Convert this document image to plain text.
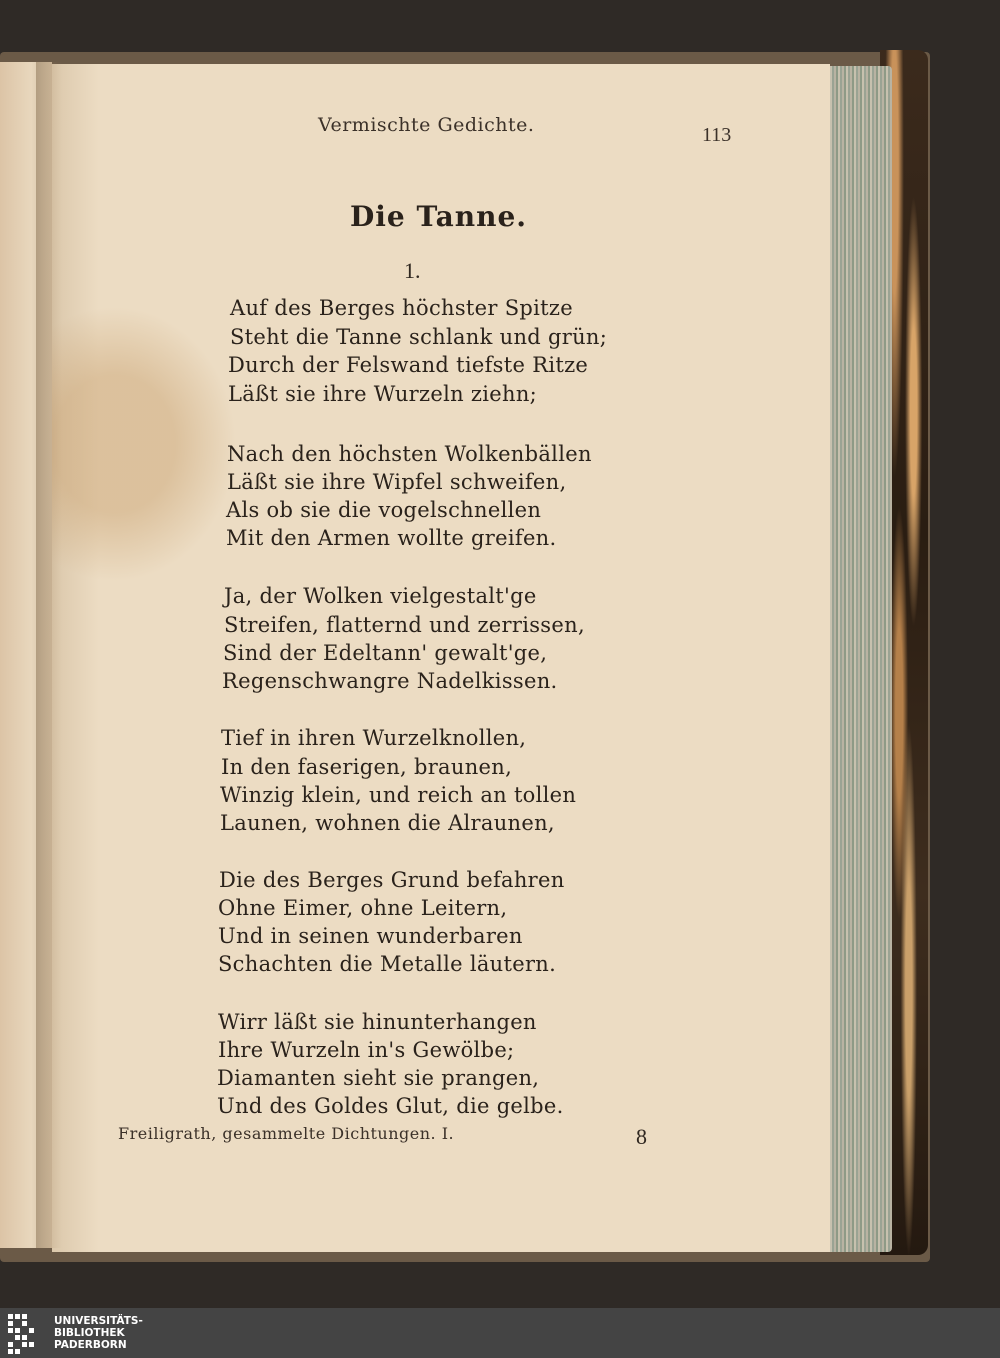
Vermischte Gedichte.	113
Die Tanne.
1.
Auf des Berges höchster Spitze
Steht die Tanne schlank und grün;
Durch der Felswand tiefste Ritze
Läßt sie ihre Wurzeln ziehn;
Nach den höchsten Wolkenbällen
Läßt sie ihre Wipfel schweifen,
Als ob sie die vogelschnellen
Mit den Armen wollte greifen.
Ja, der Wolken vielgestalt'ge
Streifen, flatternd und zerrissen,
Sind der Edeltann' gewalt'ge,
Regenschwangre Nadelkissen.
Tief in ihren Wurzelknollen,
In den faserigen, braunen,
Winzig klein, und reich an tollen
Launen, wohnen die Alraunen,
Die des Berges Grund befahren
Ohne Eimer, ohne Leitern,
Und in seinen wunderbaren
Schachten die Metalle läutern.
Wirr läßt sie hinunterhangen
Ihre Wurzeln in's Gewölbe;
Diamanten sieht sie prangen,
Und des Goldes Glut, die gelbe.
Freiligrath, gesammelte Dichtungen. I.	8
UNIVERSITÄTS-
BIBLIOTHEK
PADERBORN
